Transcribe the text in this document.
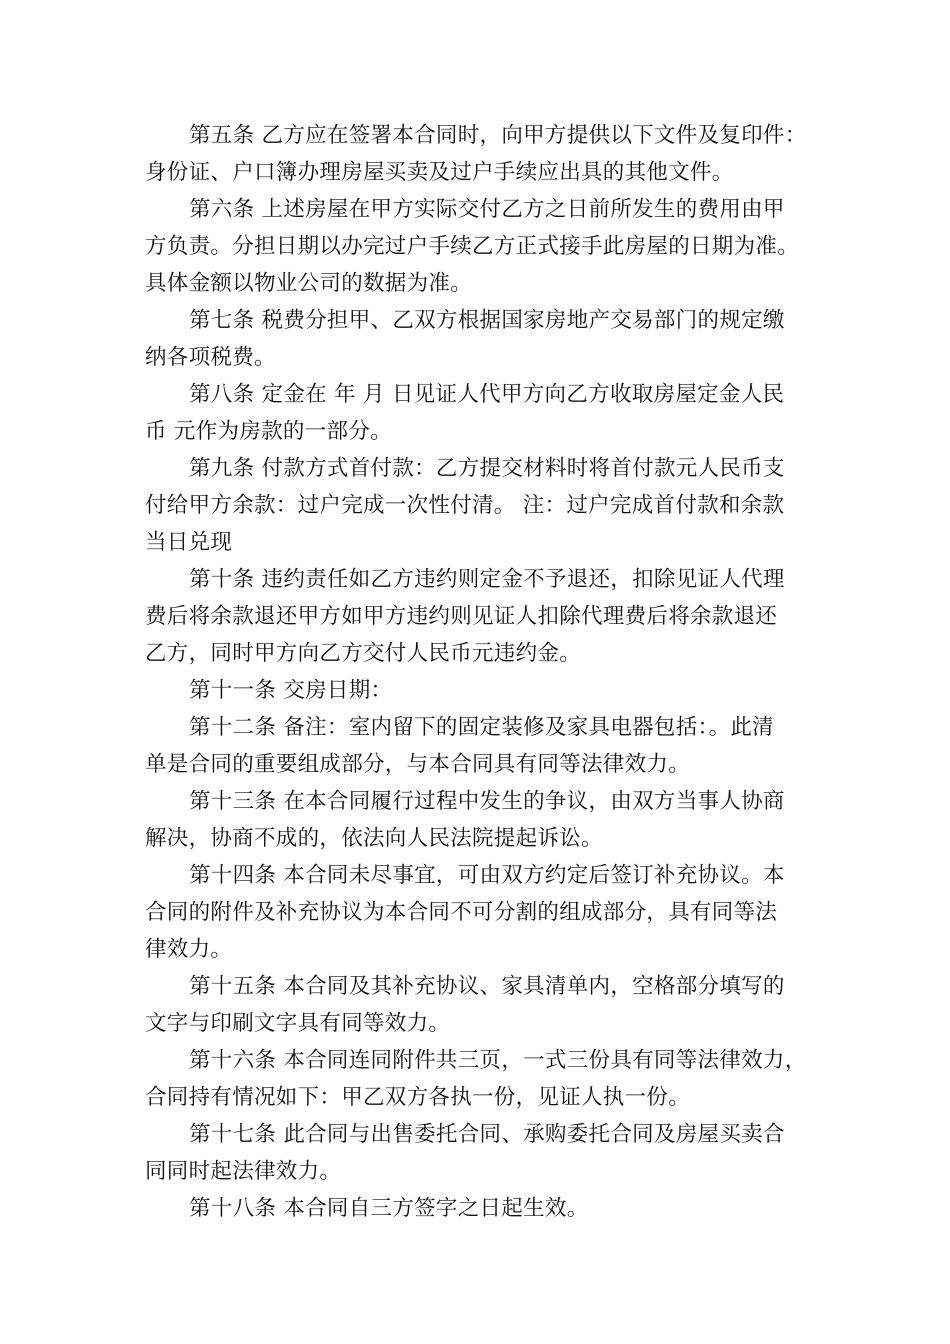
第五条 乙方应在签署本合同时，向甲方提供以下文件及复印件：
身份证、户口簿办理房屋买卖及过户手续应出具的其他文件。

第六条 上述房屋在甲方实际交付乙方之日前所发生的费用由甲
方负责。分担日期以办完过户手续乙方正式接手此房屋的日期为准。
具体金额以物业公司的数据为准。

第七条 税费分担甲、乙双方根据国家房地产交易部门的规定缴
纳各项税费。

第八条 定金在 年 月 日见证人代甲方向乙方收取房屋定金人民
币 元作为房款的一部分。

第九条 付款方式首付款：乙方提交材料时将首付款元人民币支
付给甲方余款：过户完成一次性付清。 注：过户完成首付款和余款
当日兑现

第十条 违约责任如乙方违约则定金不予退还，扣除见证人代理
费后将余款退还甲方如甲方违约则见证人扣除代理费后将余款退还
乙方，同时甲方向乙方交付人民币元违约金。

第十一条 交房日期：

第十二条 备注：室内留下的固定装修及家具电器包括：。此清
单是合同的重要组成部分，与本合同具有同等法律效力。

第十三条 在本合同履行过程中发生的争议，由双方当事人协商
解决，协商不成的，依法向人民法院提起诉讼。

第十四条 本合同未尽事宜，可由双方约定后签订补充协议。本
合同的附件及补充协议为本合同不可分割的组成部分，具有同等法
律效力。

第十五条 本合同及其补充协议、家具清单内，空格部分填写的
文字与印刷文字具有同等效力。

第十六条 本合同连同附件共三页，一式三份具有同等法律效力，
合同持有情况如下：甲乙双方各执一份，见证人执一份。

第十七条 此合同与出售委托合同、承购委托合同及房屋买卖合
同同时起法律效力。

第十八条 本合同自三方签字之日起生效。
